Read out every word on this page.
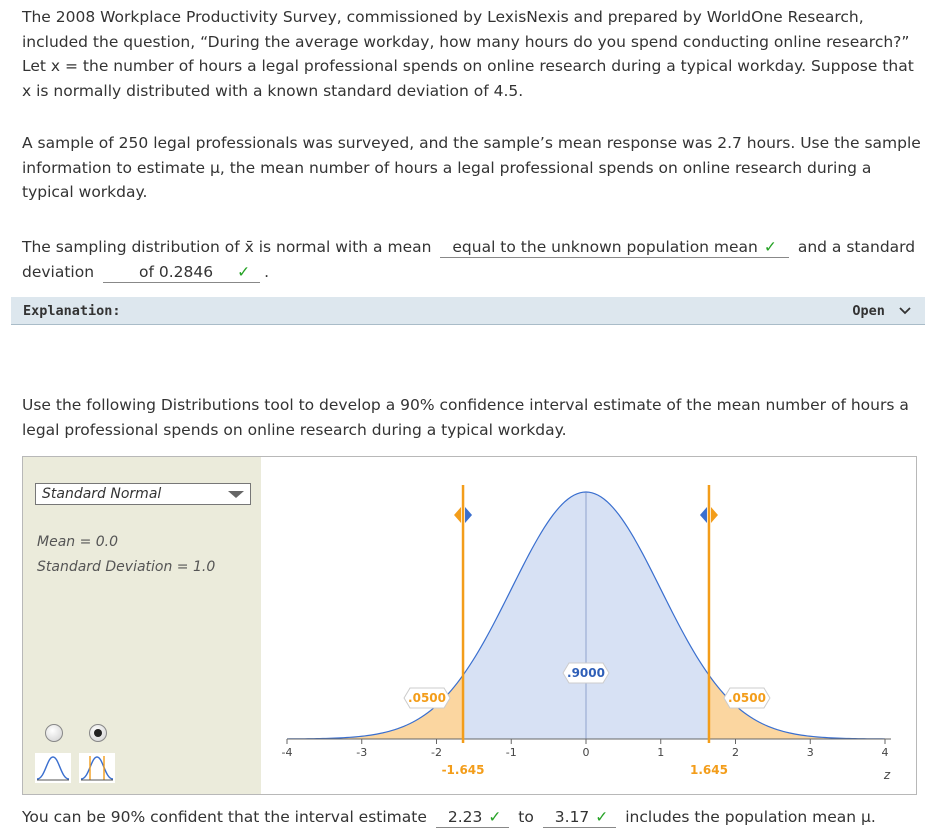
The 2008 Workplace Productivity Survey, commissioned by LexisNexis and prepared by WorldOne Research, included the question, “During the average workday, how many hours do you spend conducting online research?” Let x = the number of hours a legal professional spends on online research during a typical workday. Suppose that x is normally distributed with a known standard deviation of 4.5.

A sample of 250 legal professionals was surveyed, and the sample’s mean response was 2.7 hours. Use the sample information to estimate μ, the mean number of hours a legal professional spends on online research during a typical workday.

The sampling distribution of x̄ is normal with a mean equal to the unknown population mean ✓ and a standard deviation	of 0.2846 ✓ .

Explanation:	Open

Use the following Distributions tool to develop a 90% confidence interval estimate of the mean number of hours a legal professional spends on online research during a typical workday.

Standard Normal
Mean = 0.0
Standard Deviation = 1.0
-4	-3	-2	-1	0	1	2	3	4
-1.645	1.645
.0500
.9000
.0500
z

You can be 90% confident that the interval estimate 2.23 ✓ to 3.17 ✓ includes the population mean μ.
